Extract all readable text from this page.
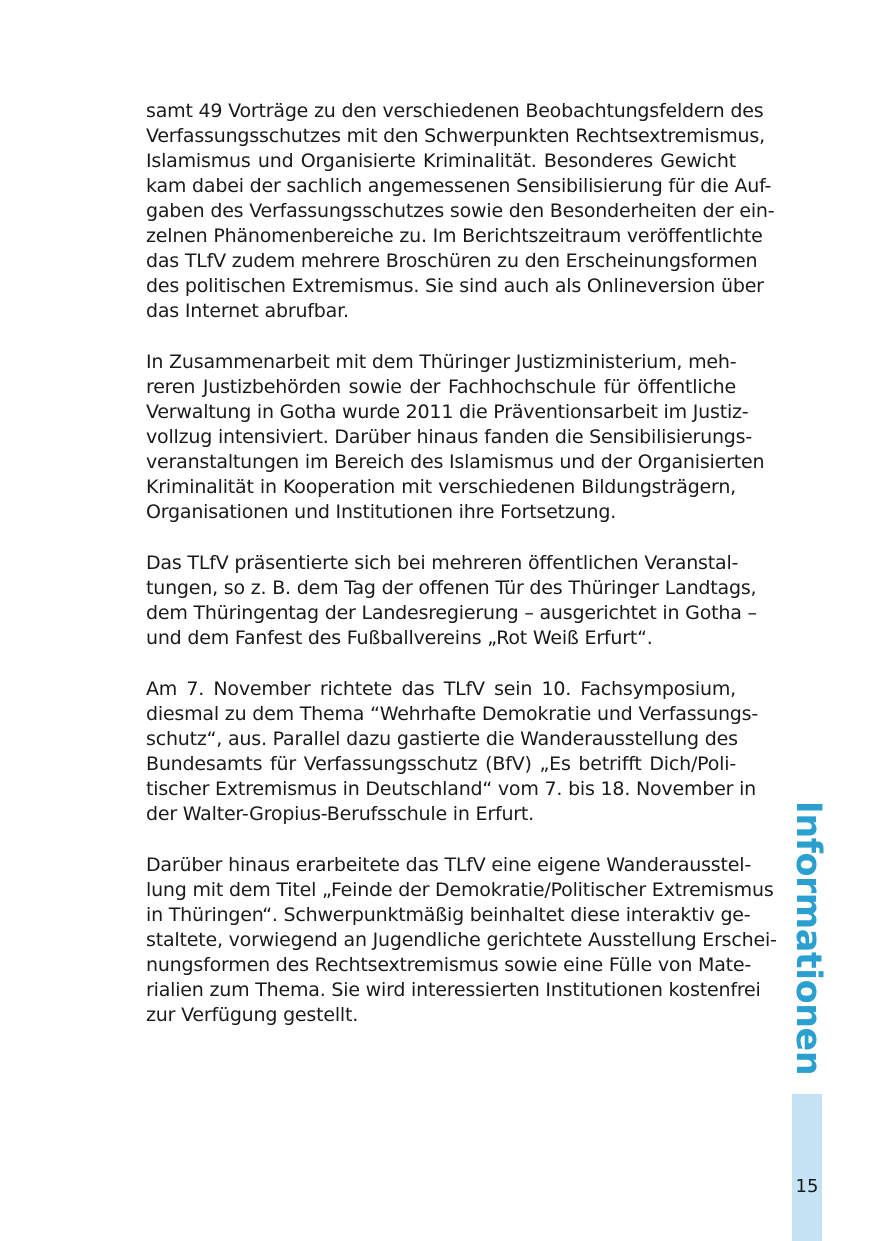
samt 49 Vorträge zu den verschiedenen Beobachtungsfeldern des
Verfassungsschutzes mit den Schwerpunkten Rechtsextremismus,
Islamismus und Organisierte Kriminalität. Besonderes Gewicht
kam dabei der sachlich angemessenen Sensibilisierung für die Auf-
gaben des Verfassungsschutzes sowie den Besonderheiten der ein-
zelnen Phänomenbereiche zu. Im Berichtszeitraum veröffentlichte
das TLfV zudem mehrere Broschüren zu den Erscheinungsformen
des politischen Extremismus. Sie sind auch als Onlineversion über
das Internet abrufbar.

In Zusammenarbeit mit dem Thüringer Justizministerium, meh-
reren Justizbehörden sowie der Fachhochschule für öffentliche
Verwaltung in Gotha wurde 2011 die Präventionsarbeit im Justiz-
vollzug intensiviert. Darüber hinaus fanden die Sensibilisierungs-
veranstaltungen im Bereich des Islamismus und der Organisierten
Kriminalität in Kooperation mit verschiedenen Bildungsträgern,
Organisationen und Institutionen ihre Fortsetzung.

Das TLfV präsentierte sich bei mehreren öffentlichen Veranstal-
tungen, so z. B. dem Tag der offenen Tür des Thüringer Landtags,
dem Thüringentag der Landesregierung – ausgerichtet in Gotha –
und dem Fanfest des Fußballvereins „Rot Weiß Erfurt“.

Am 7. November richtete das TLfV sein 10. Fachsymposium,
diesmal zu dem Thema “Wehrhafte Demokratie und Verfassungs-
schutz“, aus. Parallel dazu gastierte die Wanderausstellung des
Bundesamts für Verfassungsschutz (BfV) „Es betrifft Dich/Poli-
tischer Extremismus in Deutschland“ vom 7. bis 18. November in
der Walter-Gropius-Berufsschule in Erfurt.

Darüber hinaus erarbeitete das TLfV eine eigene Wanderausstel-
lung mit dem Titel „Feinde der Demokratie/Politischer Extremismus
in Thüringen“. Schwerpunktmäßig beinhaltet diese interaktiv ge-
staltete, vorwiegend an Jugendliche gerichtete Ausstellung Erschei-
nungsformen des Rechtsextremismus sowie eine Fülle von Mate-
rialien zum Thema. Sie wird interessierten Institutionen kostenfrei
zur Verfügung gestellt.	Informationen
15
